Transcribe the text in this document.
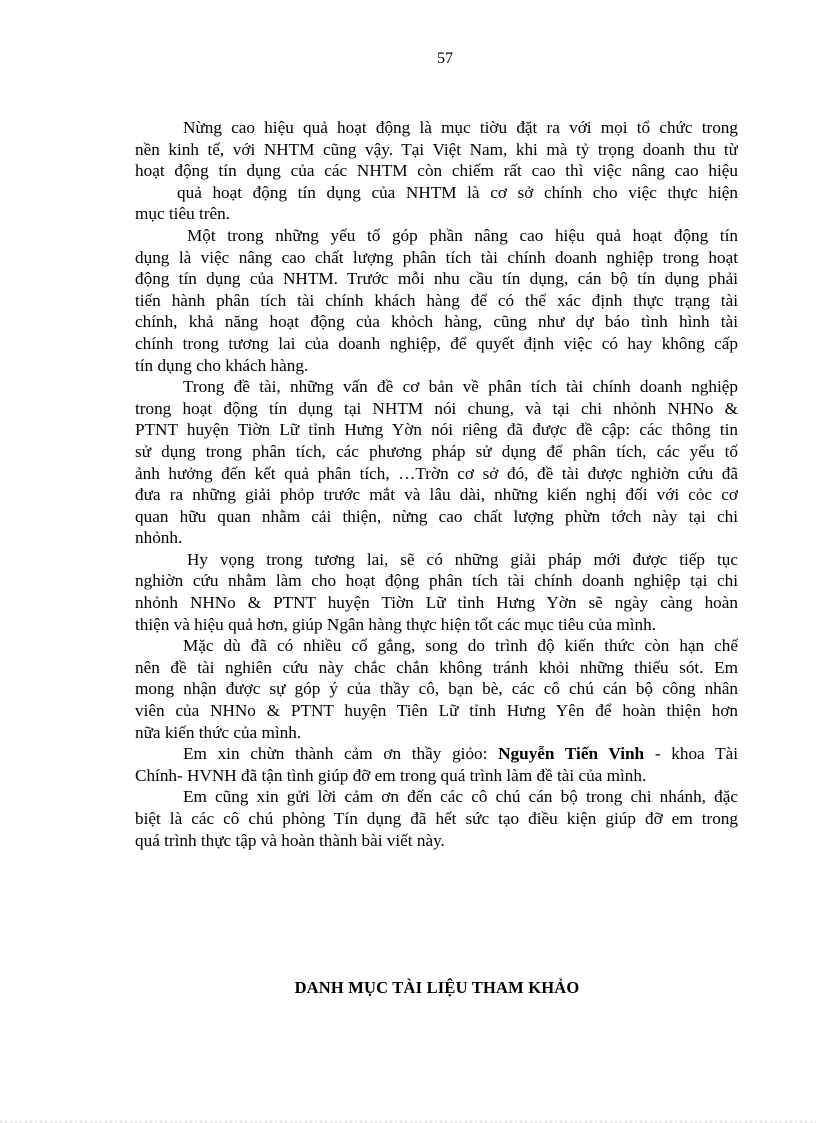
57
Nừng cao hiệu quả hoạt động là mục tiờu đặt ra với mọi tổ chức trong
nền kinh tế, với NHTM cũng vậy. Tại Việt Nam, khi mà tỷ trọng doanh thu từ
hoạt động tín dụng của các NHTM còn chiếm rất cao thì việc nâng cao hiệu
quả hoạt động tín dụng của NHTM là cơ sở chính cho việc thực hiện
mục tiêu trên.
Một trong những yếu tố góp phần nâng cao hiệu quả hoạt động tín
dụng là việc nâng cao chất lượng phân tích tài chính doanh nghiệp trong hoạt
động tín dụng của NHTM. Trước mỗi nhu cầu tín dụng, cán bộ tín dụng phải
tiến hành phân tích tài chính khách hàng để có thể xác định thực trạng tài
chính, khả năng hoạt động của khỏch hàng, cũng như dự báo tình hình tài
chính trong tương lai của doanh nghiệp, để quyết định việc có hay không cấp
tín dụng cho khách hàng.
Trong đề tài, những vấn đề cơ bản về phân tích tài chính doanh nghiệp
trong hoạt động tín dụng tại NHTM nói chung, và tại chi nhỏnh NHNo &
PTNT huyện Tiờn Lữ tỉnh Hưng Yờn nói riêng đã được đề cập: các thông tin
sử dụng trong phân tích, các phương pháp sử dụng để phân tích, các yếu tố
ảnh hưởng đến kết quả phân tích, …Trờn cơ sở đó, đề tài được nghiờn cứu đã
đưa ra những giải phỏp trước mắt và lâu dài, những kiến nghị đối với cỏc cơ
quan hữu quan nhằm cải thiện, nừng cao chất lượng phừn tớch này tại chi
nhỏnh.
Hy vọng trong tương lai, sẽ có những giải pháp mới được tiếp tục
nghiờn cứu nhằm làm cho hoạt động phân tích tài chính doanh nghiệp tại chi
nhỏnh NHNo & PTNT huyện Tiờn Lữ tỉnh Hưng Yờn sẽ ngày càng hoàn
thiện và hiệu quả hơn, giúp Ngân hàng thực hiện tốt các mục tiêu của mình.
Mặc dù đã có nhiều cố gắng, song do trình độ kiến thức còn hạn chế
nên đề tài nghiên cứu này chắc chắn không tránh khỏi những thiếu sót. Em
mong nhận được sự góp ý của thầy cô, bạn bè, các cô chú cán bộ công nhân
viên của NHNo & PTNT huyện Tiên Lữ tỉnh Hưng Yên để hoàn thiện hơn
nữa kiến thức của mình.
Em xin chừn thành cảm ơn thầy giỏo: Nguyễn Tiến Vinh - khoa Tài
Chính- HVNH đã tận tình giúp đỡ em trong quá trình làm đề tài của mình.
Em cũng xin gửi lời cảm ơn đến các cô chú cán bộ trong chi nhánh, đặc
biệt là các cô chú phòng Tín dụng đã hết sức tạo điều kiện giúp đỡ em trong
quá trình thực tập và hoàn thành bài viết này.
DANH MỤC TÀI LIỆU THAM KHẢO
